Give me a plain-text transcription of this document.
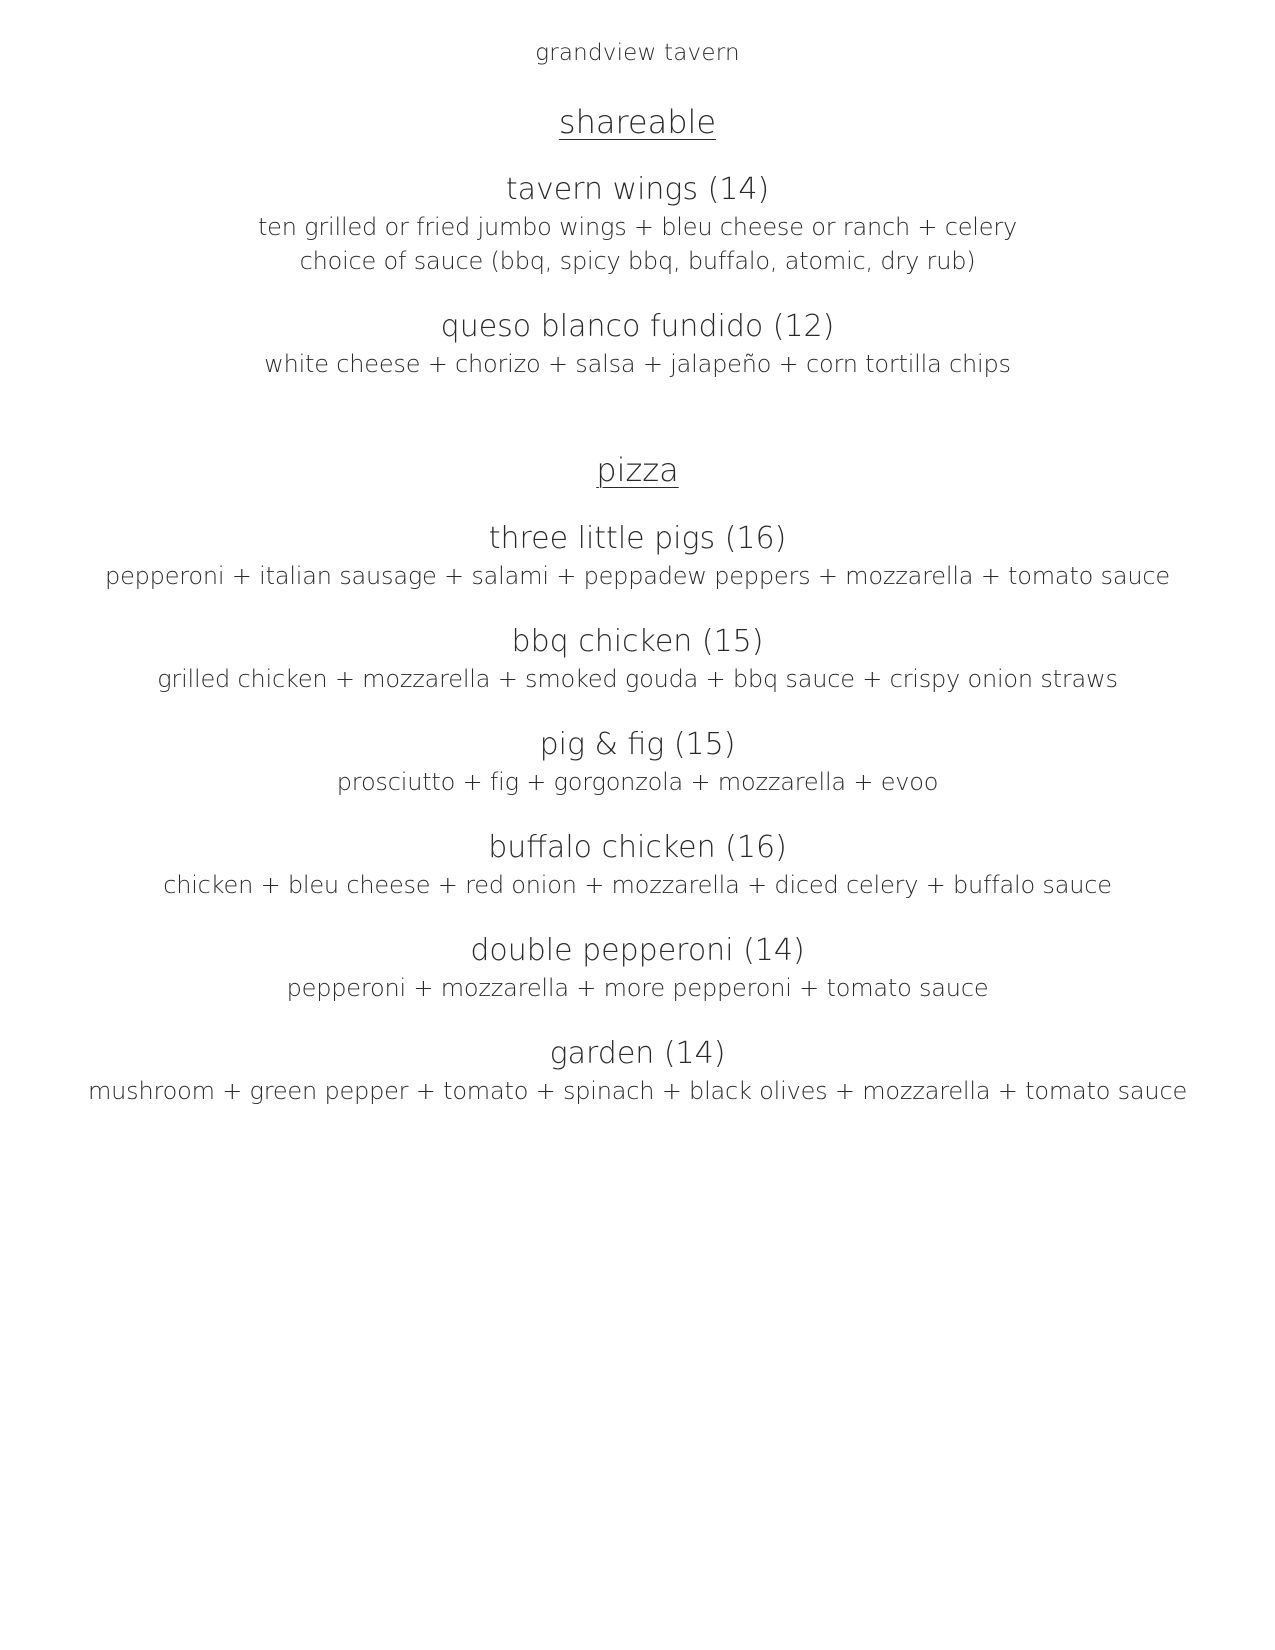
grandview tavern
shareable
tavern wings (14)
ten grilled or fried jumbo wings + bleu cheese or ranch + celery
choice of sauce (bbq, spicy bbq, buffalo, atomic, dry rub)
queso blanco fundido (12)
white cheese + chorizo + salsa + jalapeño + corn tortilla chips
pizza
three little pigs (16)
pepperoni + italian sausage + salami + peppadew peppers + mozzarella + tomato sauce
bbq chicken (15)
grilled chicken + mozzarella + smoked gouda + bbq sauce + crispy onion straws
pig & fig (15)
prosciutto + fig + gorgonzola + mozzarella + evoo
buffalo chicken (16)
chicken + bleu cheese + red onion + mozzarella + diced celery + buffalo sauce
double pepperoni (14)
pepperoni + mozzarella + more pepperoni + tomato sauce
garden (14)
mushroom + green pepper + tomato + spinach + black olives + mozzarella + tomato sauce
